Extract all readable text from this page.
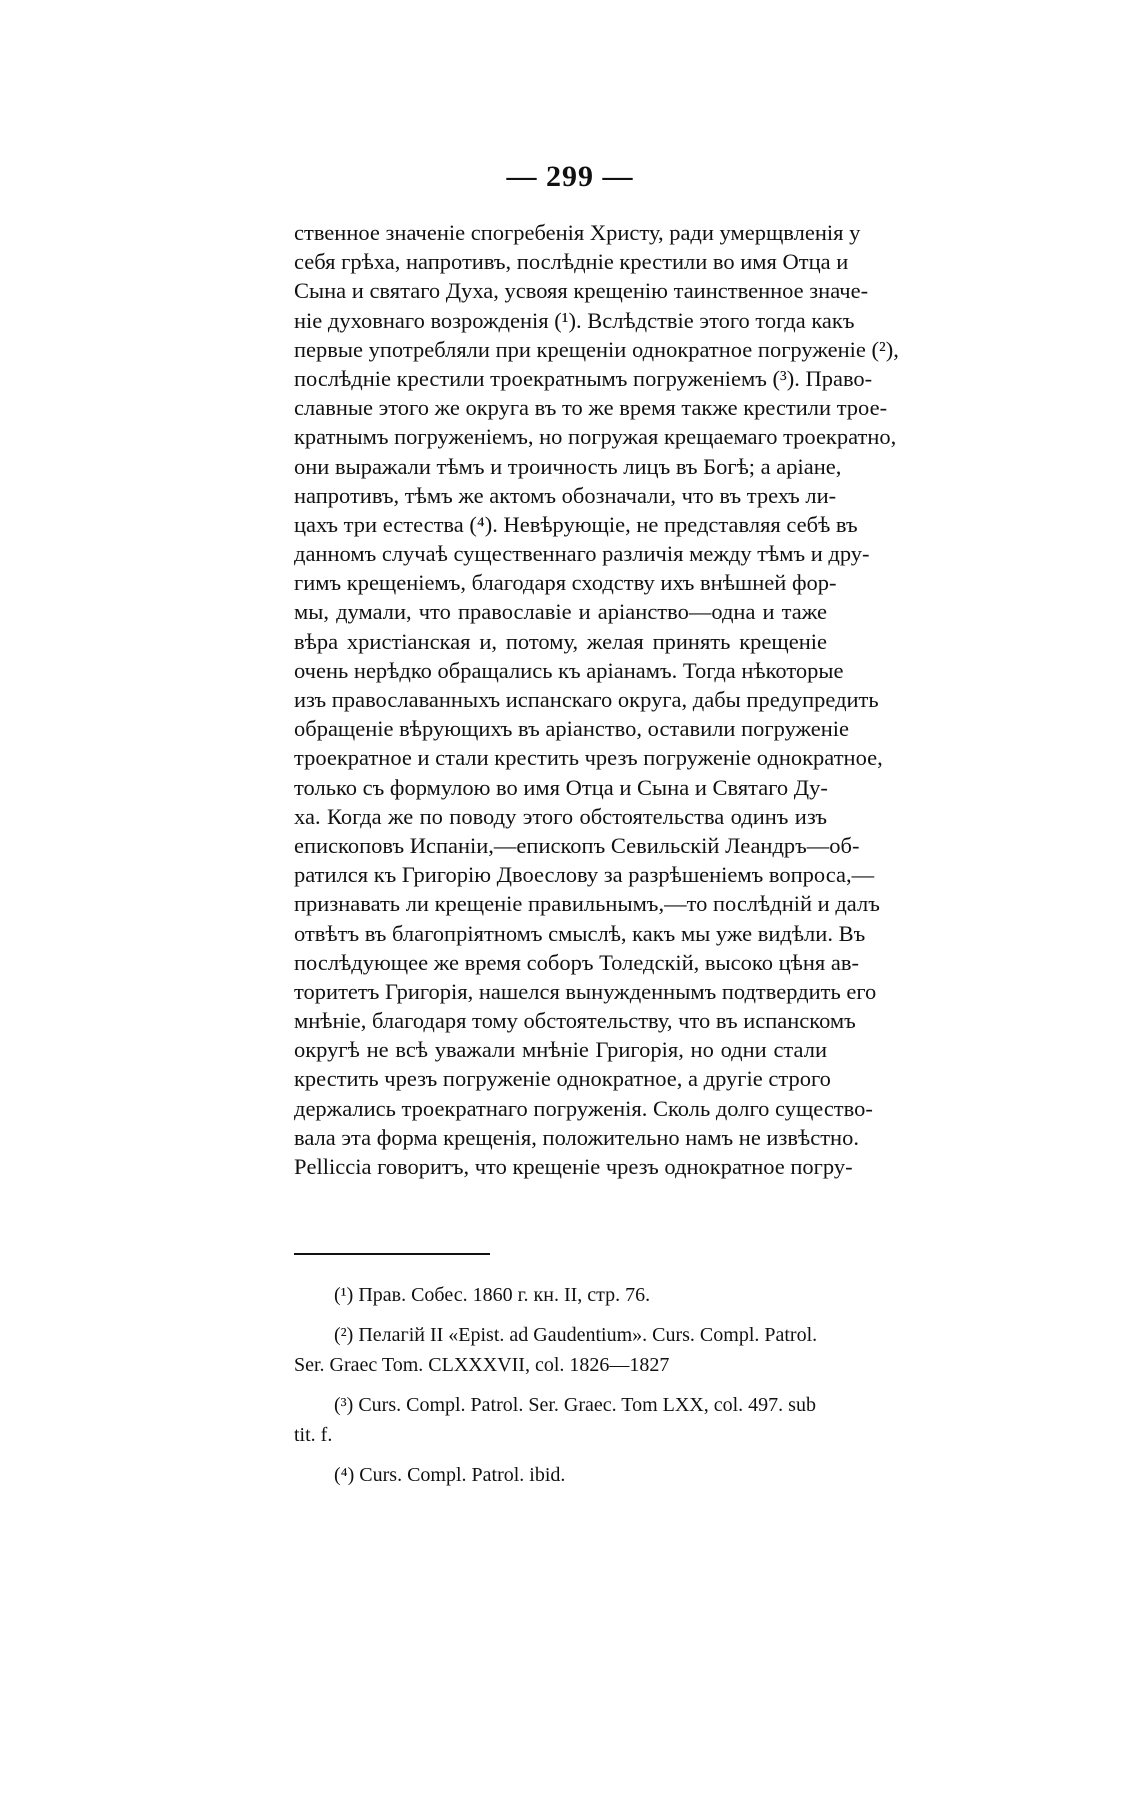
— 299 —
ственное значеніе спогребенія Христу, ради умерщвленія у
себя грѣха, напротивъ, послѣдніе крестили во имя Отца и
Сына и святаго Духа, усвояя крещенію таинственное значе-
ніе духовнаго возрожденія (¹). Вслѣдствіе этого тогда какъ
первые употребляли при крещеніи однократное погруженіе (²),
послѣдніе крестили троекратнымъ погруженіемъ (³). Право-
славные этого же округа въ то же время также крестили трое-
кратнымъ погруженіемъ, но погружая крещаемаго троекратно,
они выражали тѣмъ и троичность лицъ въ Богѣ; а аріане,
напротивъ, тѣмъ же актомъ обозначали, что въ трехъ ли-
цахъ три естества (⁴). Невѣрующіе, не представляя себѣ въ
данномъ случаѣ существеннаго различія между тѣмъ и дру-
гимъ крещеніемъ, благодаря сходству ихъ внѣшней фор-
мы, думали, что православіе и аріанство—одна и таже
вѣра христіанская и, потому, желая принять крещеніе
очень нерѣдко обращались къ аріанамъ. Тогда нѣкоторые
изъ православанныхъ испанскаго округа, дабы предупредить
обращеніе вѣрующихъ въ аріанство, оставили погруженіе
троекратное и стали крестить чрезъ погруженіе однократное,
только съ формулою во имя Отца и Сына и Святаго Ду-
ха. Когда же по поводу этого обстоятельства одинъ изъ
епископовъ Испаніи,—епископъ Севильскій Леандръ—об-
ратился къ Григорію Двоеслову за разрѣшеніемъ вопроса,—
признавать ли крещеніе правильнымъ,—то послѣдній и далъ
отвѣтъ въ благопріятномъ смыслѣ, какъ мы уже видѣли. Въ
послѣдующее же время соборъ Толедскій, высоко цѣня ав-
торитетъ Григорія, нашелся вынужденнымъ подтвердить его
мнѣніе, благодаря тому обстоятельству, что въ испанскомъ
округѣ не всѣ уважали мнѣніе Григорія, но одни стали
крестить чрезъ погруженіе однократное, а другіе строго
держались троекратнаго погруженія. Сколь долго существо-
вала эта форма крещенія, положительно намъ не извѣстно.
Pelliccia говоритъ, что крещеніе чрезъ однократное погру-
(¹) Прав. Собес. 1860 г. кн. II, стр. 76.
(²) Пелагій II «Epist. ad Gaudentium». Curs. Compl. Patrol.
Ser. Graec Tom. CLXXXVII, col. 1826—1827
(³) Curs. Compl. Patrol. Ser. Graec. Tom LXX, col. 497. sub
tit. f.
(⁴) Curs. Compl. Patrol. ibid.
